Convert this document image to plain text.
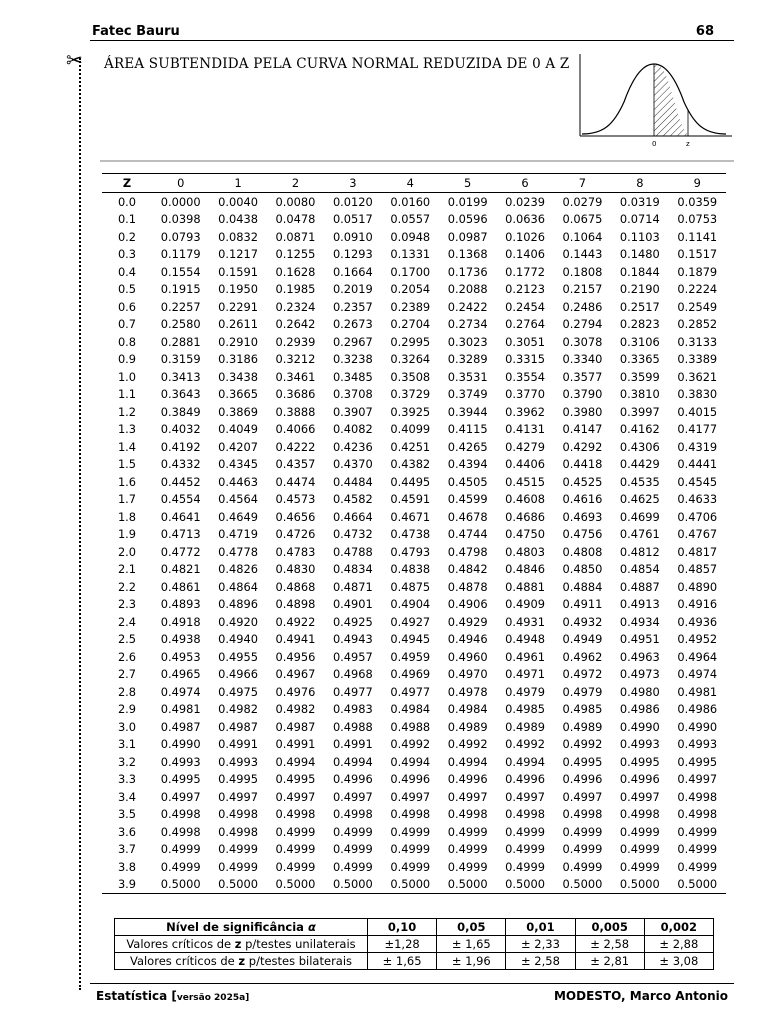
Fatec Bauru	68
✂ ÁREA SUBTENDIDA PELA CURVA NORMAL REDUZIDA DE 0 A Z
0	z
Z	0	1	2	3	4	5	6	7	8	9
0.0	0.0000	0.0040	0.0080	0.0120	0.0160	0.0199	0.0239	0.0279	0.0319	0.0359
0.1	0.0398	0.0438	0.0478	0.0517	0.0557	0.0596	0.0636	0.0675	0.0714	0.0753
0.2	0.0793	0.0832	0.0871	0.0910	0.0948	0.0987	0.1026	0.1064	0.1103	0.1141
0.3	0.1179	0.1217	0.1255	0.1293	0.1331	0.1368	0.1406	0.1443	0.1480	0.1517
0.4	0.1554	0.1591	0.1628	0.1664	0.1700	0.1736	0.1772	0.1808	0.1844	0.1879
0.5	0.1915	0.1950	0.1985	0.2019	0.2054	0.2088	0.2123	0.2157	0.2190	0.2224
0.6	0.2257	0.2291	0.2324	0.2357	0.2389	0.2422	0.2454	0.2486	0.2517	0.2549
0.7	0.2580	0.2611	0.2642	0.2673	0.2704	0.2734	0.2764	0.2794	0.2823	0.2852
0.8	0.2881	0.2910	0.2939	0.2967	0.2995	0.3023	0.3051	0.3078	0.3106	0.3133
0.9	0.3159	0.3186	0.3212	0.3238	0.3264	0.3289	0.3315	0.3340	0.3365	0.3389
1.0	0.3413	0.3438	0.3461	0.3485	0.3508	0.3531	0.3554	0.3577	0.3599	0.3621
1.1	0.3643	0.3665	0.3686	0.3708	0.3729	0.3749	0.3770	0.3790	0.3810	0.3830
1.2	0.3849	0.3869	0.3888	0.3907	0.3925	0.3944	0.3962	0.3980	0.3997	0.4015
1.3	0.4032	0.4049	0.4066	0.4082	0.4099	0.4115	0.4131	0.4147	0.4162	0.4177
1.4	0.4192	0.4207	0.4222	0.4236	0.4251	0.4265	0.4279	0.4292	0.4306	0.4319
1.5	0.4332	0.4345	0.4357	0.4370	0.4382	0.4394	0.4406	0.4418	0.4429	0.4441
1.6	0.4452	0.4463	0.4474	0.4484	0.4495	0.4505	0.4515	0.4525	0.4535	0.4545
1.7	0.4554	0.4564	0.4573	0.4582	0.4591	0.4599	0.4608	0.4616	0.4625	0.4633
1.8	0.4641	0.4649	0.4656	0.4664	0.4671	0.4678	0.4686	0.4693	0.4699	0.4706
1.9	0.4713	0.4719	0.4726	0.4732	0.4738	0.4744	0.4750	0.4756	0.4761	0.4767
2.0	0.4772	0.4778	0.4783	0.4788	0.4793	0.4798	0.4803	0.4808	0.4812	0.4817
2.1	0.4821	0.4826	0.4830	0.4834	0.4838	0.4842	0.4846	0.4850	0.4854	0.4857
2.2	0.4861	0.4864	0.4868	0.4871	0.4875	0.4878	0.4881	0.4884	0.4887	0.4890
2.3	0.4893	0.4896	0.4898	0.4901	0.4904	0.4906	0.4909	0.4911	0.4913	0.4916
2.4	0.4918	0.4920	0.4922	0.4925	0.4927	0.4929	0.4931	0.4932	0.4934	0.4936
2.5	0.4938	0.4940	0.4941	0.4943	0.4945	0.4946	0.4948	0.4949	0.4951	0.4952
2.6	0.4953	0.4955	0.4956	0.4957	0.4959	0.4960	0.4961	0.4962	0.4963	0.4964
2.7	0.4965	0.4966	0.4967	0.4968	0.4969	0.4970	0.4971	0.4972	0.4973	0.4974
2.8	0.4974	0.4975	0.4976	0.4977	0.4977	0.4978	0.4979	0.4979	0.4980	0.4981
2.9	0.4981	0.4982	0.4982	0.4983	0.4984	0.4984	0.4985	0.4985	0.4986	0.4986
3.0	0.4987	0.4987	0.4987	0.4988	0.4988	0.4989	0.4989	0.4989	0.4990	0.4990
3.1	0.4990	0.4991	0.4991	0.4991	0.4992	0.4992	0.4992	0.4992	0.4993	0.4993
3.2	0.4993	0.4993	0.4994	0.4994	0.4994	0.4994	0.4994	0.4995	0.4995	0.4995
3.3	0.4995	0.4995	0.4995	0.4996	0.4996	0.4996	0.4996	0.4996	0.4996	0.4997
3.4	0.4997	0.4997	0.4997	0.4997	0.4997	0.4997	0.4997	0.4997	0.4997	0.4998
3.5	0.4998	0.4998	0.4998	0.4998	0.4998	0.4998	0.4998	0.4998	0.4998	0.4998
3.6	0.4998	0.4998	0.4999	0.4999	0.4999	0.4999	0.4999	0.4999	0.4999	0.4999
3.7	0.4999	0.4999	0.4999	0.4999	0.4999	0.4999	0.4999	0.4999	0.4999	0.4999
3.8	0.4999	0.4999	0.4999	0.4999	0.4999	0.4999	0.4999	0.4999	0.4999	0.4999
3.9	0.5000	0.5000	0.5000	0.5000	0.5000	0.5000	0.5000	0.5000	0.5000	0.5000
Nível de significância α	0,10	0,05	0,01	0,005	0,002
Valores críticos de z p/testes unilaterais	±1,28	± 1,65	± 2,33	± 2,58	± 2,88
Valores críticos de z p/testes bilaterais	± 1,65	± 1,96	± 2,58	± 2,81	± 3,08
Estatística [versão 2025a]	MODESTO, Marco Antonio
